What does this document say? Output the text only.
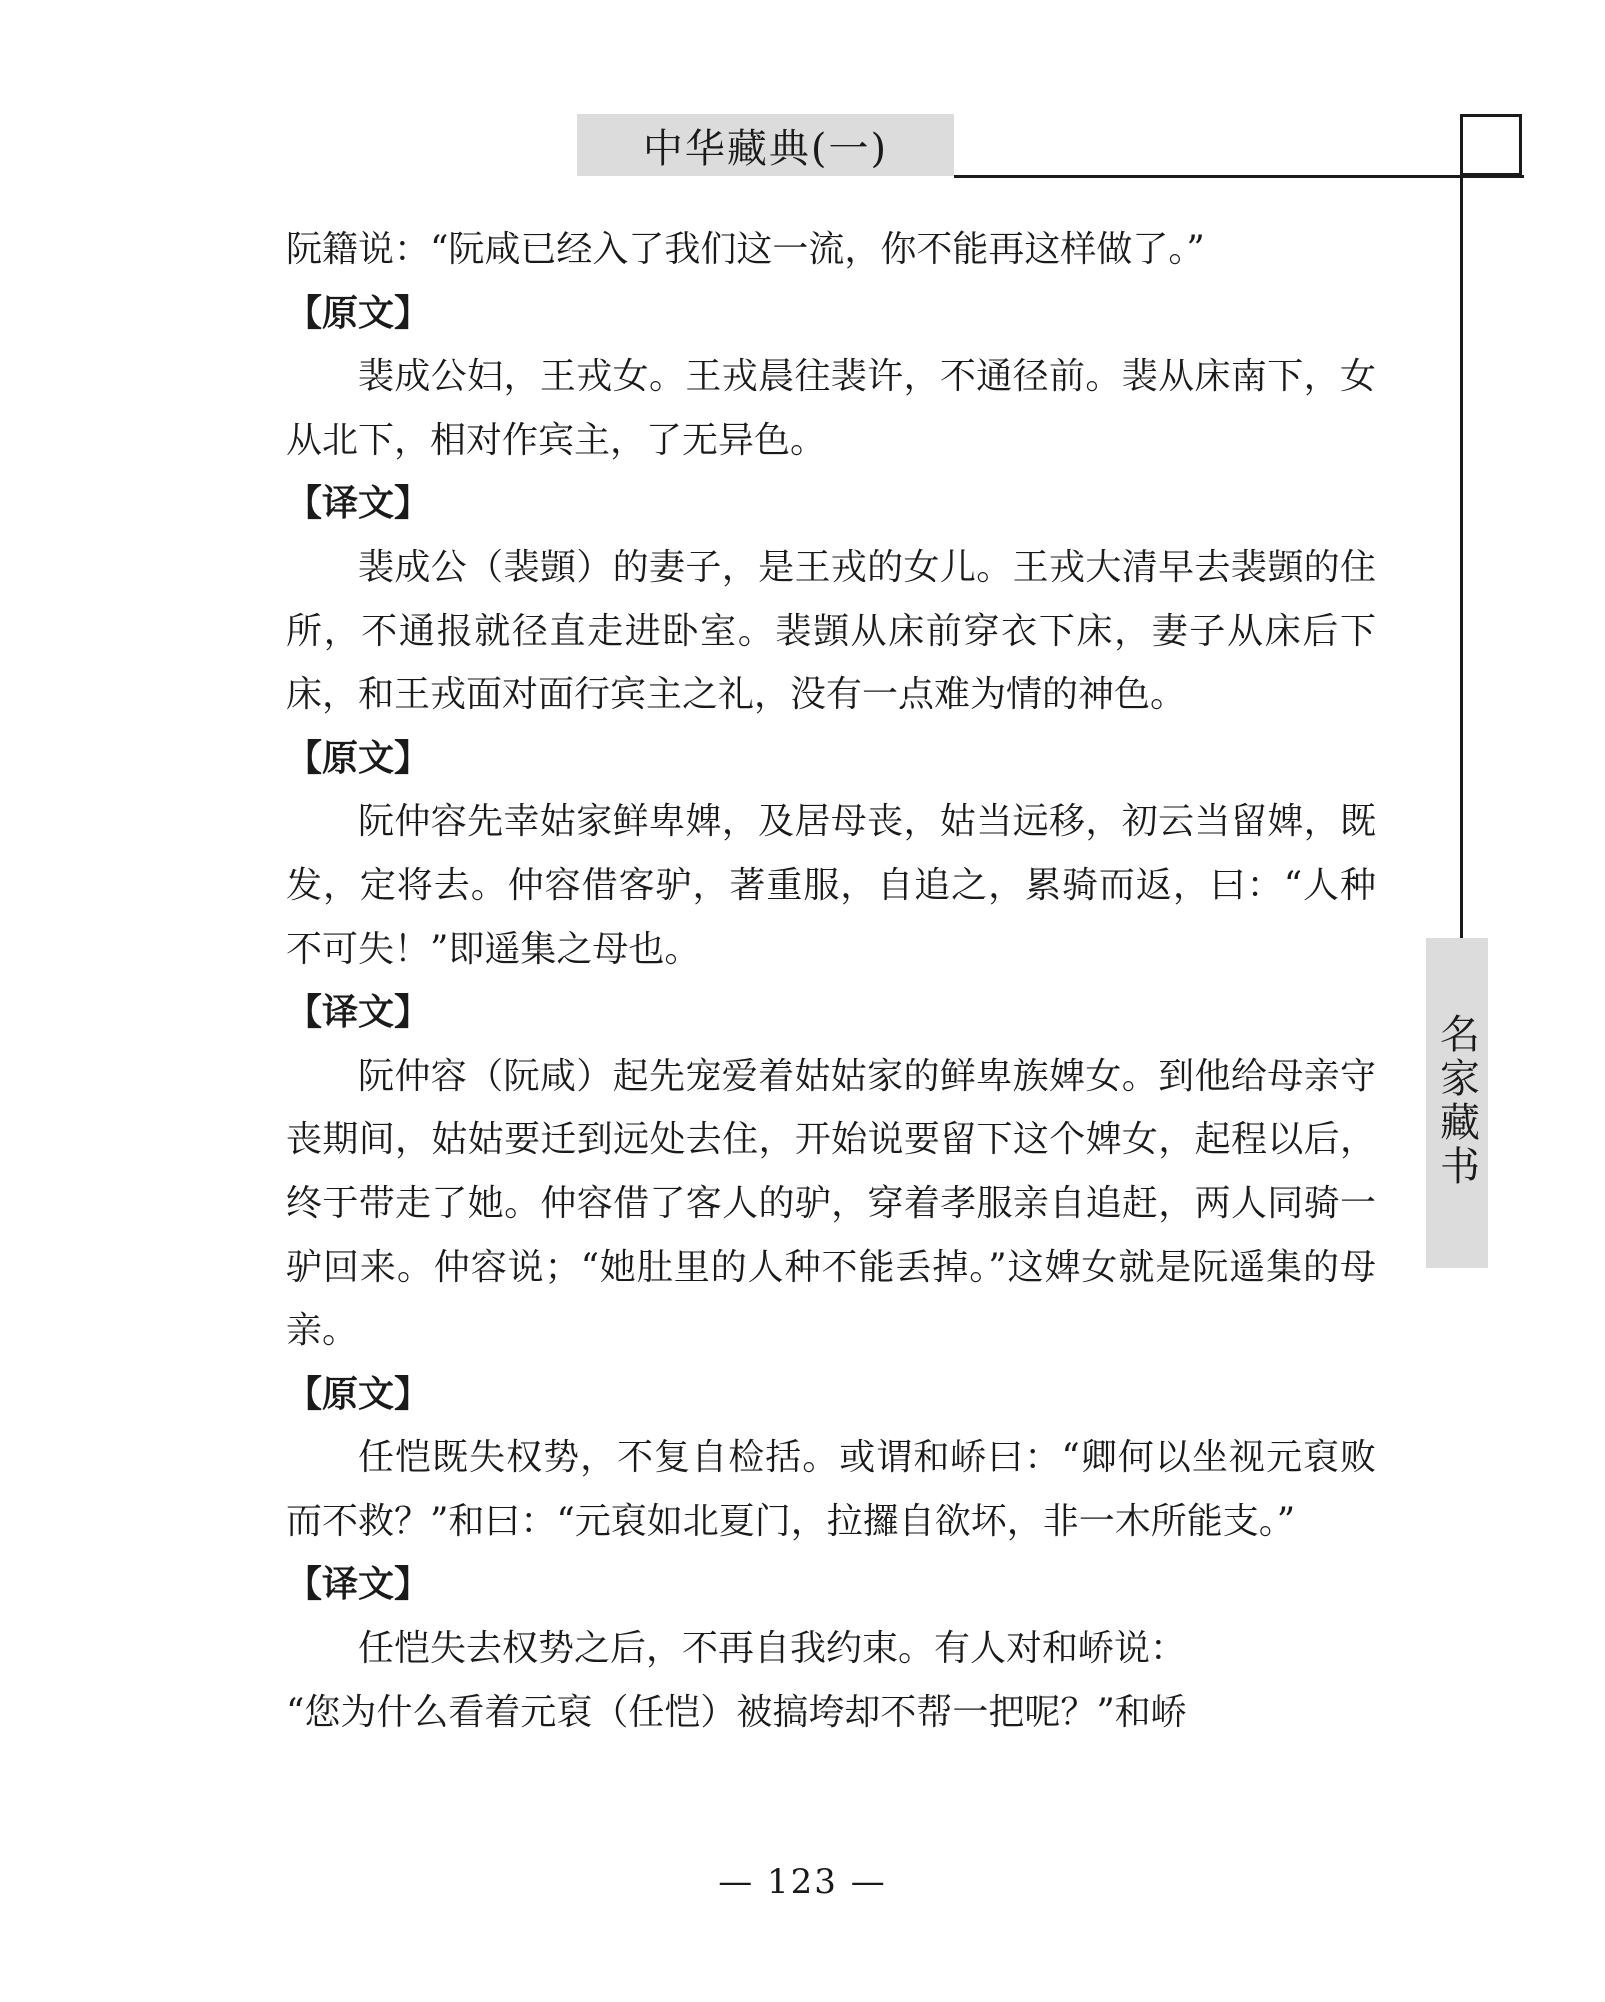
中华藏典(一)
名家藏书

阮籍说：“阮咸已经入了我们这一流，你不能再这样做了。”

【原文】

裴成公妇，王戎女。王戎晨往裴许，不通径前。裴从床南下，女从北下，相对作宾主，了无异色。

【译文】

裴成公（裴顗）的妻子，是王戎的女儿。王戎大清早去裴顗的住所，不通报就径直走进卧室。裴顗从床前穿衣下床，妻子从床后下床，和王戎面对面行宾主之礼，没有一点难为情的神色。

【原文】

阮仲容先幸姑家鲜卑婢，及居母丧，姑当远移，初云当留婢，既发，定将去。仲容借客驴，著重服，自追之，累骑而返，曰：“人种不可失！”即遥集之母也。

【译文】

阮仲容（阮咸）起先宠爱着姑姑家的鲜卑族婢女。到他给母亲守丧期间，姑姑要迁到远处去住，开始说要留下这个婢女，起程以后，终于带走了她。仲容借了客人的驴，穿着孝服亲自追赶，两人同骑一驴回来。仲容说；“她肚里的人种不能丢掉。”这婢女就是阮遥集的母亲。

【原文】

任恺既失权势，不复自检括。或谓和峤曰：“卿何以坐视元裒败而不救？”和曰：“元裒如北夏门，拉攞自欲坏，非一木所能支。”

【译文】

任恺失去权势之后，不再自我约束。有人对和峤说：

“您为什么看着元裒（任恺）被搞垮却不帮一把呢？”和峤

— 123 —
